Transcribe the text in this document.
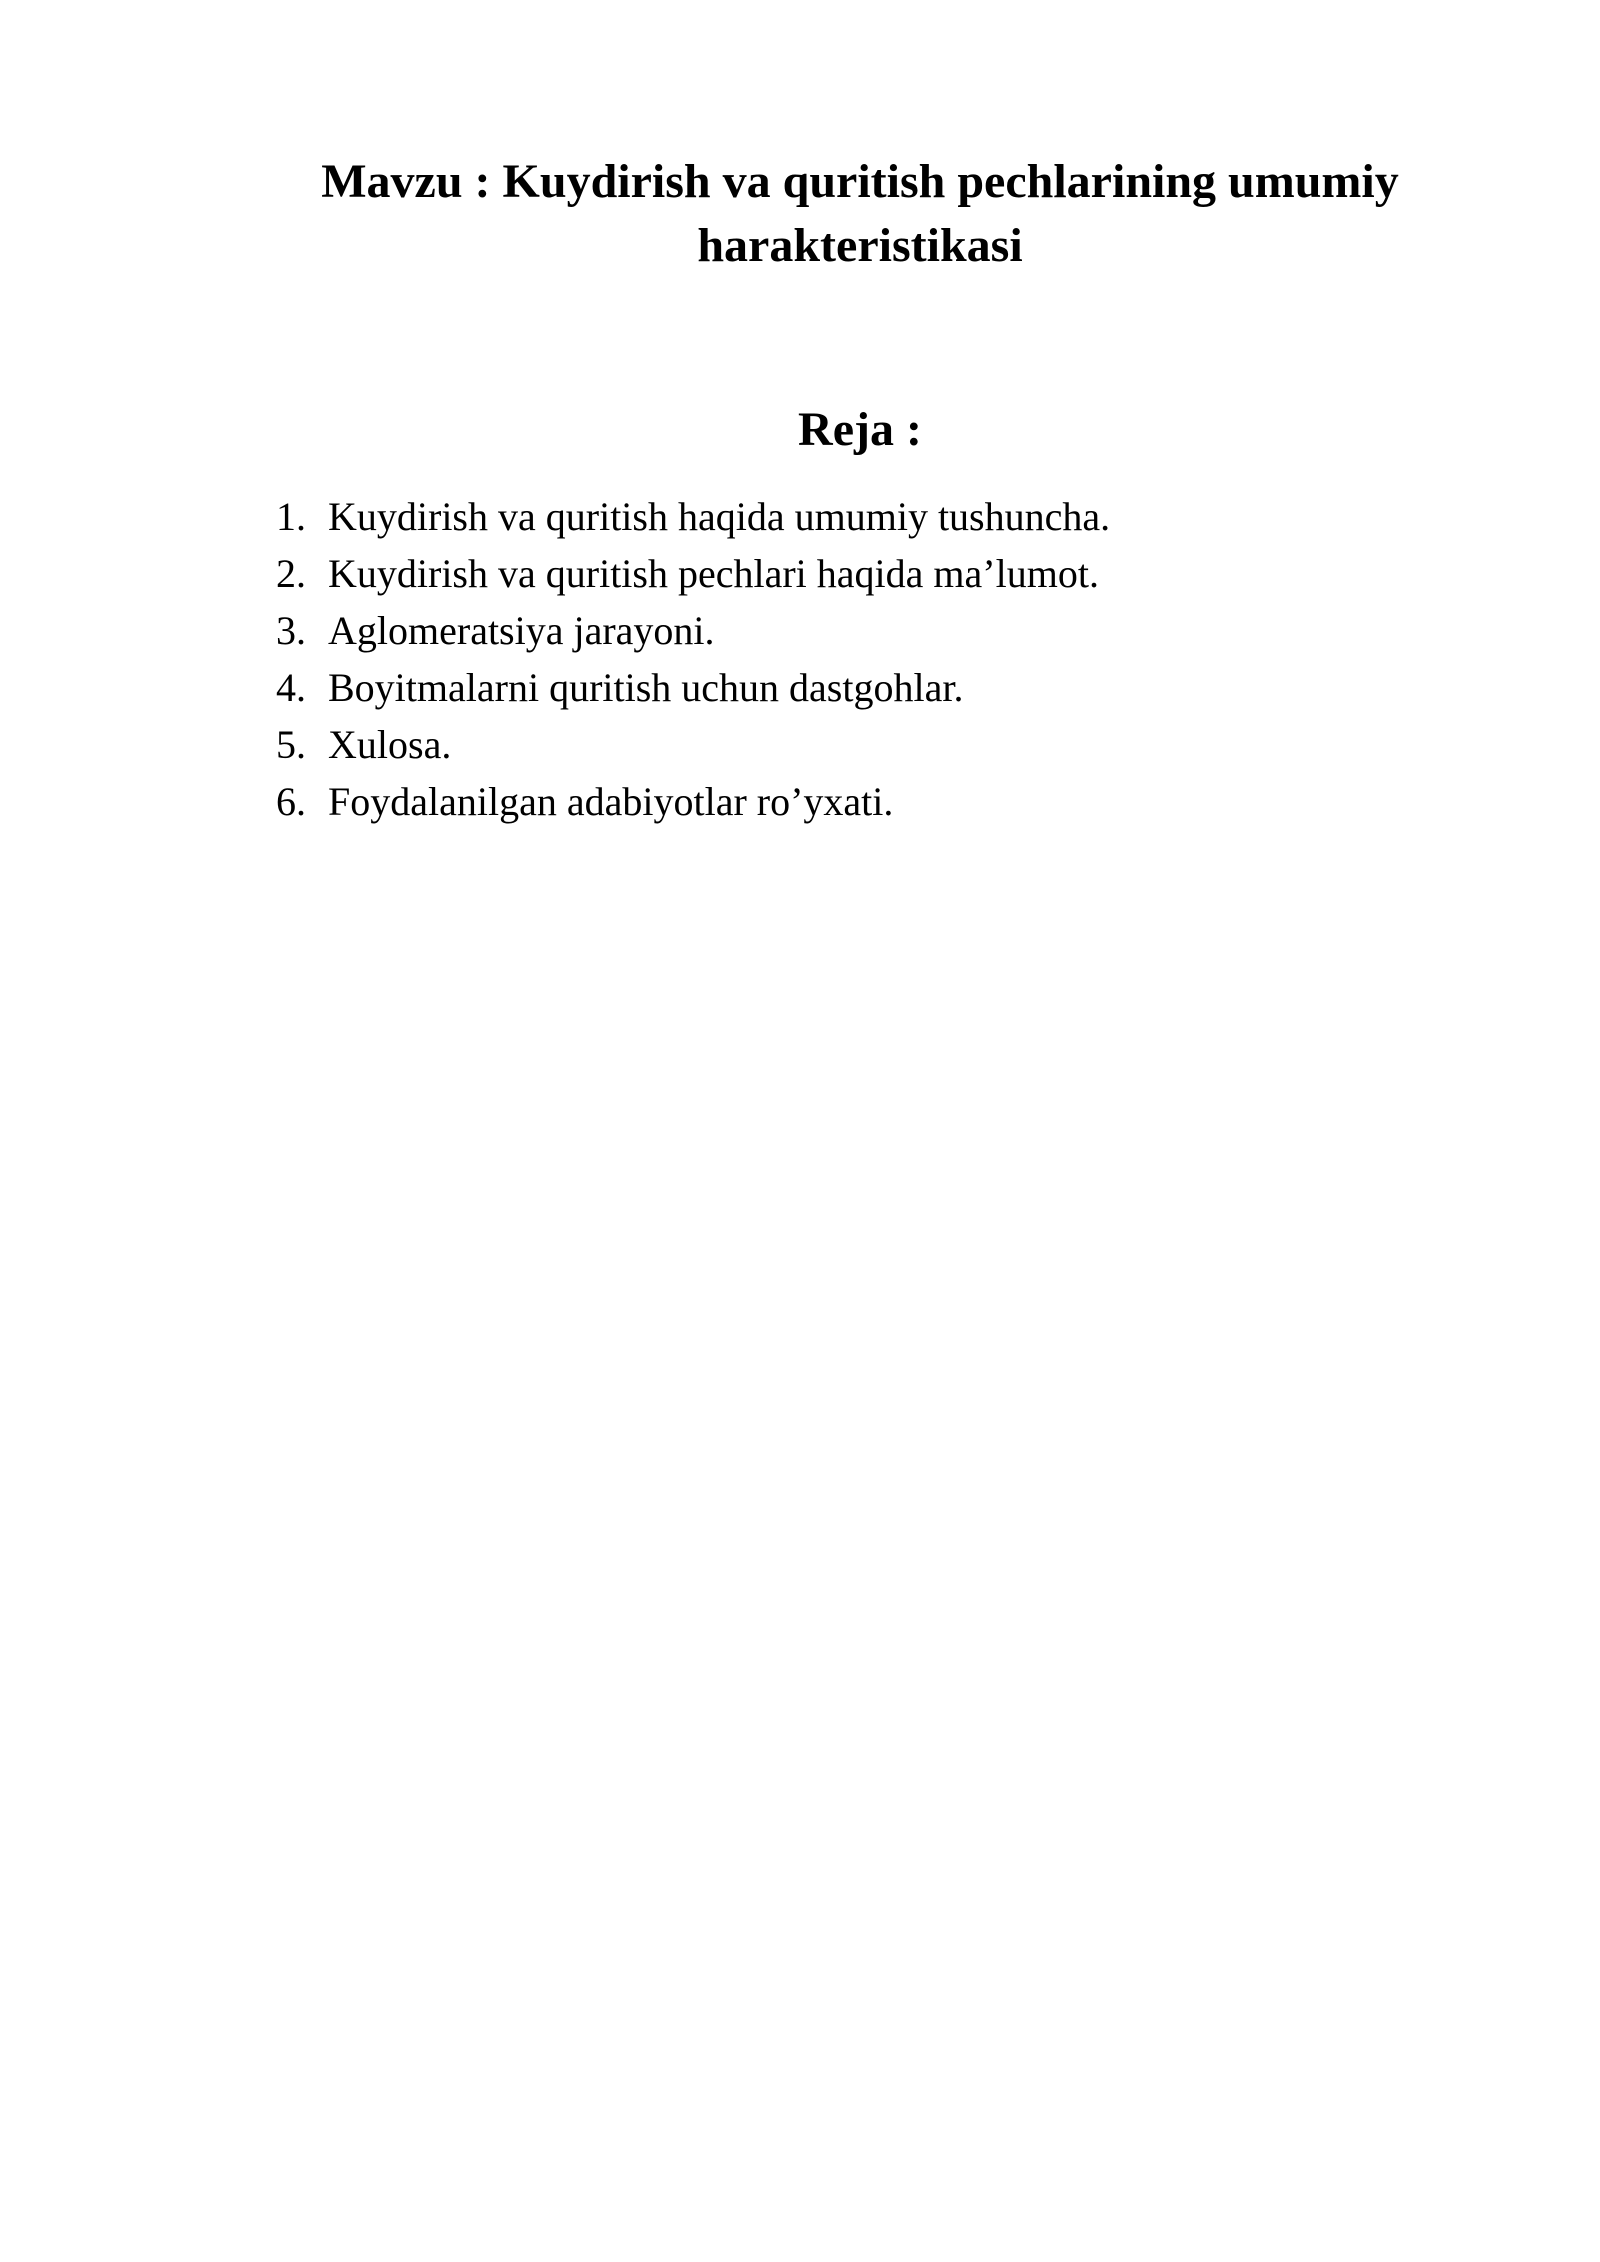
Mavzu : Kuydirish va quritish pechlarining umumiy
harakteristikasi
Reja :
1. Kuydirish va quritish haqida umumiy tushuncha.
2. Kuydirish va quritish pechlari haqida ma’lumot.
3. Aglomeratsiya jarayoni.
4. Boyitmalarni quritish uchun dastgohlar.
5. Xulosa.
6. Foydalanilgan adabiyotlar ro’yxati.
